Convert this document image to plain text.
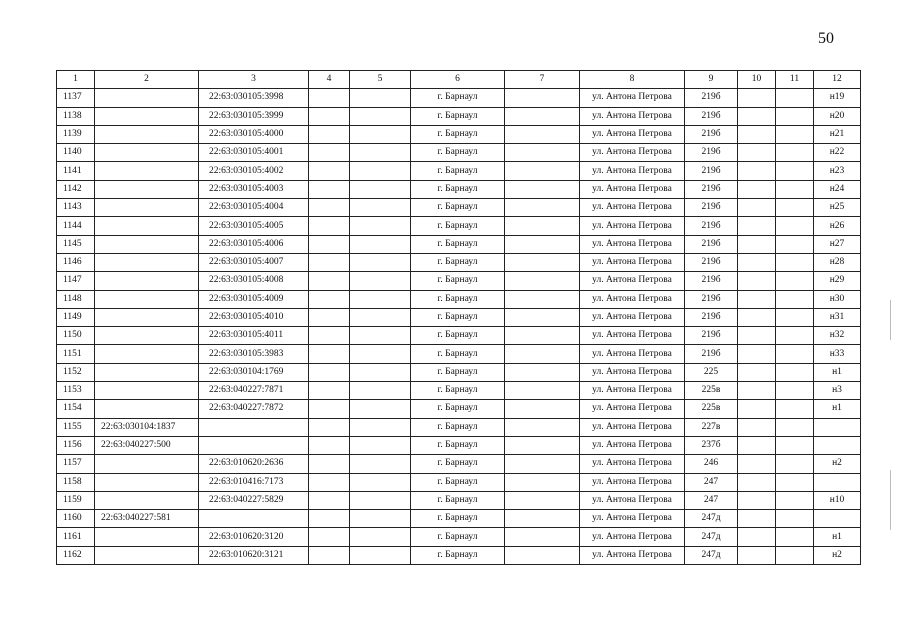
50
1	2	3	4	5	6	7	8	9	10	11	12
1137		22:63:030105:3998			г. Барнаул		ул. Антона Петрова	219б			н19
1138		22:63:030105:3999			г. Барнаул		ул. Антона Петрова	219б			н20
1139		22:63:030105:4000			г. Барнаул		ул. Антона Петрова	219б			н21
1140		22:63:030105:4001			г. Барнаул		ул. Антона Петрова	219б			н22
1141		22:63:030105:4002			г. Барнаул		ул. Антона Петрова	219б			н23
1142		22:63:030105:4003			г. Барнаул		ул. Антона Петрова	219б			н24
1143		22:63:030105:4004			г. Барнаул		ул. Антона Петрова	219б			н25
1144		22:63:030105:4005			г. Барнаул		ул. Антона Петрова	219б			н26
1145		22:63:030105:4006			г. Барнаул		ул. Антона Петрова	219б			н27
1146		22:63:030105:4007			г. Барнаул		ул. Антона Петрова	219б			н28
1147		22:63:030105:4008			г. Барнаул		ул. Антона Петрова	219б			н29
1148		22:63:030105:4009			г. Барнаул		ул. Антона Петрова	219б			н30
1149		22:63:030105:4010			г. Барнаул		ул. Антона Петрова	219б			н31
1150		22:63:030105:4011			г. Барнаул		ул. Антона Петрова	219б			н32
1151		22:63:030105:3983			г. Барнаул		ул. Антона Петрова	219б			н33
1152		22:63:030104:1769			г. Барнаул		ул. Антона Петрова	225			н1
1153		22:63:040227:7871			г. Барнаул		ул. Антона Петрова	225в			н3
1154		22:63:040227:7872			г. Барнаул		ул. Антона Петрова	225в			н1
1155	22:63:030104:1837				г. Барнаул		ул. Антона Петрова	227в			
1156	22:63:040227:500				г. Барнаул		ул. Антона Петрова	237б			
1157		22:63:010620:2636			г. Барнаул		ул. Антона Петрова	246			н2
1158		22:63:010416:7173			г. Барнаул		ул. Антона Петрова	247			
1159		22:63:040227:5829			г. Барнаул		ул. Антона Петрова	247			н10
1160	22:63:040227:581				г. Барнаул		ул. Антона Петрова	247д			
1161		22:63:010620:3120			г. Барнаул		ул. Антона Петрова	247д			н1
1162		22:63:010620:3121			г. Барнаул		ул. Антона Петрова	247д			н2
